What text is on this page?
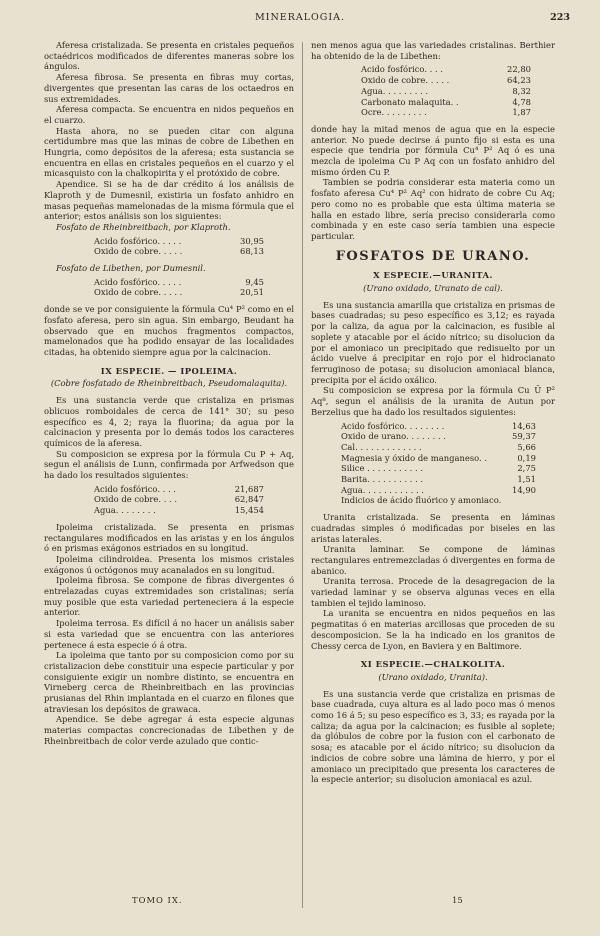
MINERALOGIA.	223

Aferesa cristalizada. Se presenta en cristales pequeños octaédricos modificados de diferentes maneras sobre los ángulos.

Aferesa fibrosa. Se presenta en fibras muy cortas, divergentes que presentan las caras de los octaedros en sus extremidades.

Aferesa compacta. Se encuentra en nidos pequeños en el cuarzo.

Hasta ahora, no se pueden citar con alguna certidumbre mas que las minas de cobre de Libethen en Hungria, como depósitos de la aferesa; esta sustancia se encuentra en ellas en cristales pequeños en el cuarzo y el micasquisto con la chalkopirita y el protóxido de cobre.

Apendice. Si se ha de dar crédito á los análisis de Klaproth y de Dumesnil, existiria un fosfato anhidro en masas pequeñas mamelonadas de la misma fórmula que el anterior; estos análisis son los siguientes:

Fosfato de Rheinbreitbach, por Klaproth.

Acido fosfórico. . . . .	30,95
Oxido de cobre. . . . .	68,13

Fosfato de Libethen, por Dumesnil.

Acido fosfórico. . . . .	9,45
Oxido de cobre. . . . .	20,51

donde se ve por consiguiente la fórmula Cu⁴ P² como en el fosfato aferesa, pero sin agua. Sin embargo, Beudant ha observado que en muchos fragmentos compactos, mamelonados que ha podido ensayar de las localidades citadas, ha obtenido siempre agua por la calcinacion.

IX ESPECIE. — IPOLEIMA.
(Cobre fosfatado de Rheinbreitbach, Pseudomalaquita).

Es una sustancia verde que cristaliza en prismas oblicuos romboidales de cerca de 141° 30′; su peso específico es 4, 2; raya la fluorina; da agua por la calcinacion y presenta por lo demás todos los caracteres químicos de la aferesa.

Su composicion se expresa por la fórmula Cu P + Aq, segun el análisis de Lunn, confirmada por Arfwedson que ha dado los resultados siguientes:

Acido fosfórico. . . .	21,687
Oxido de cobre. . . .	62,847
Agua. . . . . . . .	15,454

Ipoleima cristalizada. Se presenta en prismas rectangulares modificados en las aristas y en los ángulos ó en prismas exágonos estriados en su longitud.

Ipoleima cilindroidea. Presenta los mismos cristales exágonos ú octógonos muy acanalados en su longitud.

Ipoleima fibrosa. Se compone de fibras divergentes ó entrelazadas cuyas extremidades son cristalinas; sería muy posible que esta variedad perteneciera á la especie anterior.

Ipoleima terrosa. Es difícil á no hacer un análisis saber si esta variedad que se encuentra con las anteriores pertenece á esta especie ó á otra.

La ipoleima que tanto por su composicion como por su cristalizacion debe constituir una especie particular y por consiguiente exigir un nombre distinto, se encuentra en Virneberg cerca de Rheinbreitbach en las provincias prusianas del Rhin implantada en el cuarzo en filones que atraviesan los depósitos de grawaca.

Apendice. Se debe agregar á esta especie algunas materias compactas concrecionadas de Libethen y de Rheinbreitbach de color verde azulado que contic-

nen menos agua que las variedades cristalinas. Berthier ha obtenido de la de Libethen:

Acido fosfórico. . . .	22,80
Oxido de cobre. . . . .	64,23
Agua. . . . . . . . .	8,32
Carbonato malaquita. .	4,78
Ocre. . . . . . . . .	1,87

donde hay la mitad menos de agua que en la especie anterior. No puede decirse á punto fijo si esta es una especie que tendria por fórmula Cu⁴ P² Aq ó es una mezcla de ipoleima Cu P Aq con un fosfato anhidro del mismo órden Cu P.

Tambien se podria considerar esta materia como un fosfato aferesa Cu⁴ P² Aq² con hidrato de cobre Cu Aq; pero como no es probable que esta última materia se halla en estado libre, sería preciso considerarla como combinada y en este caso sería tambien una especie particular.

FOSFATOS DE URANO.
X ESPECIE.—URANITA.
(Urano oxidado, Uranato de cal).

Es una sustancia amarilla que cristaliza en prismas de bases cuadradas; su peso específico es 3,12; es rayada por la caliza, da agua por la calcinacion, es fusible al soplete y atacable por el ácido nítrico; su disolucion da por el amoniaco un precipitado que redisuelto por un ácido vuelve á precipitar en rojo por el hidrocianato ferruginoso de potasa; su disolucion amoniacal blanca, precipita por el ácido oxálico.

Su composicion se expresa por la fórmula Cu Ü P² Aq⁸, segun el análisis de la uranita de Autun por Berzelius que ha dado los resultados siguientes:

Acido fosfórico. . . . . . . .	14,63
Oxido de urano. . . . . . . .	59,37
Cal. . . . . . . . . . . . .	5,66
Magnesia y óxido de manganeso. .	0,19
Silice . . . . . . . . . . .	2,75
Barita. . . . . . . . . . .	1,51
Agua. . . . . . . . . . . .	14,90
Indicios de ácido fluórico y amoniaco.

Uranita cristalizada. Se presenta en láminas cuadradas simples ó modificadas por biseles en las aristas laterales.

Uranita laminar. Se compone de láminas rectangulares entremezcladas ó divergentes en forma de abanico.

Uranita terrosa. Procede de la desagregacion de la variedad laminar y se observa algunas veces en ella tambien el tejido laminoso.

La uranita se encuentra en nidos pequeños en las pegmatitas ó en materias arcillosas que proceden de su descomposicion. Se la ha indicado en los granitos de Chessy cerca de Lyon, en Baviera y en Baltimore.

XI ESPECIE.—CHALKOLITA.
(Urano oxidado, Uranita).

Es una sustancia verde que cristaliza en prismas de base cuadrada, cuya altura es al lado poco mas ó menos como 16 á 5; su peso específico es 3, 33; es rayada por la caliza; da agua por la calcinacion; es fusible al soplete; da glóbulos de cobre por la fusion con el carbonato de sosa; es atacable por el ácido nítrico; su disolucion da indicios de cobre sobre una lámina de hierro, y por el amoniaco un precipitado que presenta los caracteres de la especie anterior; su disolucion amoniacal es azul.

TOMO IX.	15
